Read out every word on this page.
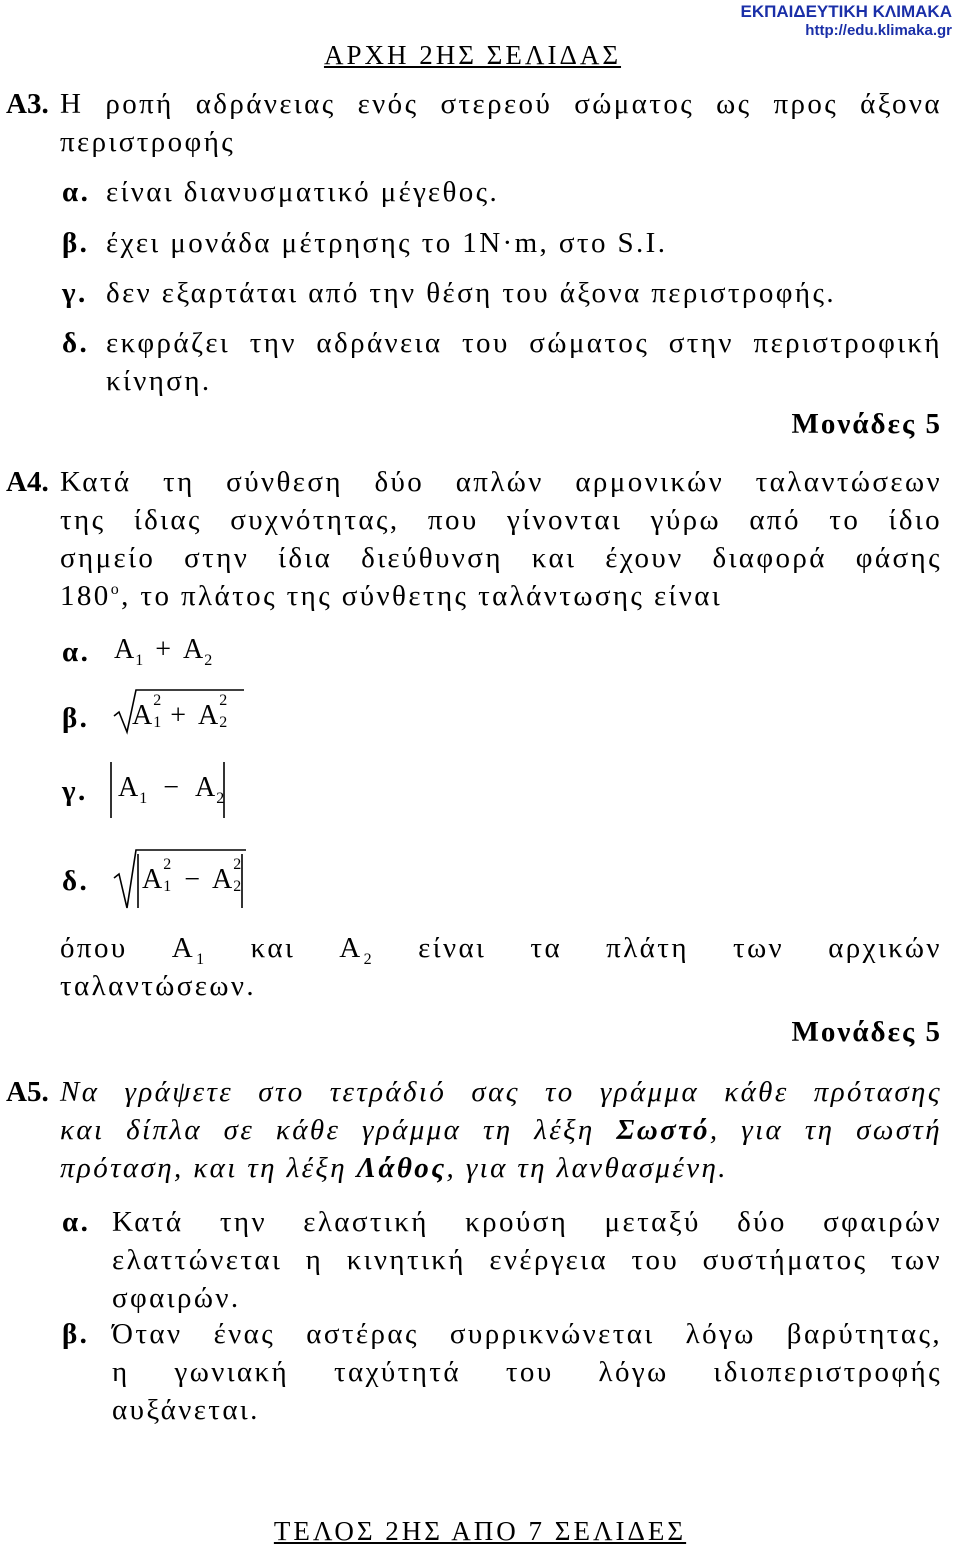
ΕΚΠΑΙΔΕΥΤΙΚΗ ΚΛΙΜΑΚΑ
http://edu.klimaka.gr
ΑΡΧΗ 2ΗΣ ΣΕΛΙΔΑΣ
Α3. Η ροπή αδράνειας ενός στερεού σώματος ως προς άξονα
περιστροφής
α. είναι διανυσματικό μέγεθος.
β. έχει μονάδα μέτρησης το 1N·m, στο S.I.
γ. δεν εξαρτάται από την θέση του άξονα περιστροφής.
δ. εκφράζει την αδράνεια του σώματος στην περιστροφική
κίνηση.
Μονάδες 5
Α4. Κατά τη σύνθεση δύο απλών αρμονικών ταλαντώσεων
της ίδιας συχνότητας, που γίνονται γύρω από το ίδιο
σημείο στην ίδια διεύθυνση και έχουν διαφορά φάσης
$180^o$, το πλάτος της σύνθετης ταλάντωσης είναι
α. $A_1 + A_2$
β. A 2
1 + A 2
2
γ. $A_1 - A_2$
δ. A 2
1 − A 2
2
όπου $A_1$ και $A_2$ είναι τα πλάτη των αρχικών
ταλαντώσεων.
Μονάδες 5
Α5. Να γράψετε στο τετράδιό σας το γράμμα κάθε πρότασης
και δίπλα σε κάθε γράμμα τη λέξη Σωστό, για τη σωστή
πρόταση, και τη λέξη Λάθος, για τη λανθασμένη.
α. Κατά την ελαστική κρούση μεταξύ δύο σφαιρών
ελαττώνεται η κινητική ενέργεια του συστήματος των
σφαιρών.
β. Όταν ένας αστέρας συρρικνώνεται λόγω βαρύτητας,
η γωνιακή ταχύτητά του λόγω ιδιοπεριστροφής
αυξάνεται.
ΤΕΛΟΣ 2ΗΣ ΑΠΟ 7 ΣΕΛΙΔΕΣ
